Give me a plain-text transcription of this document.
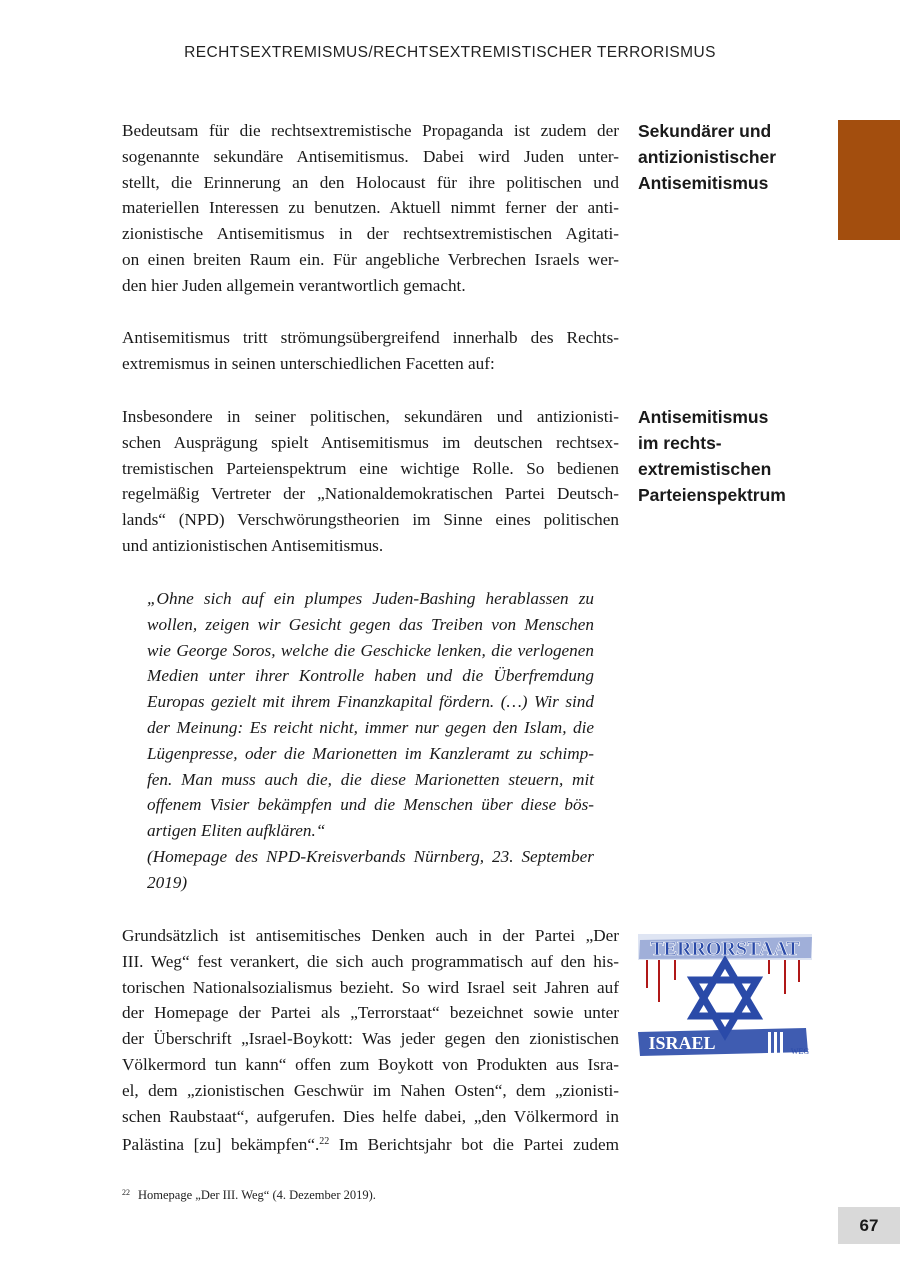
RECHTSEXTREMISMUS/RECHTSEXTREMISTISCHER TERRORISMUS
Sekundärer und
antizionistischer
Antisemitismus
Antisemitismus
im rechts-
extremistischen
Parteienspektrum
Bedeutsam für die rechtsextremistische Propaganda ist zudem der
sogenannte sekundäre Antisemitismus. Dabei wird Juden unter-
stellt, die Erinnerung an den Holocaust für ihre politischen und
materiellen Interessen zu benutzen. Aktuell nimmt ferner der anti-
zionistische Antisemitismus in der rechtsextremistischen Agitati-
on einen breiten Raum ein. Für angebliche Verbrechen Israels wer-
den hier Juden allgemein verantwortlich gemacht.
Antisemitismus tritt strömungsübergreifend innerhalb des Rechts-
extremismus in seinen unterschiedlichen Facetten auf:
Insbesondere in seiner politischen, sekundären und antizionisti-
schen Ausprägung spielt Antisemitismus im deutschen rechtsex-
tremistischen Parteienspektrum eine wichtige Rolle. So bedienen
regelmäßig Vertreter der „Nationaldemokratischen Partei Deutsch-
lands“ (NPD) Verschwörungstheorien im Sinne eines politischen
und antizionistischen Antisemitismus.
„Ohne sich auf ein plumpes Juden-Bashing herablassen zu
wollen, zeigen wir Gesicht gegen das Treiben von Menschen
wie George Soros, welche die Geschicke lenken, die verlogenen
Medien unter ihrer Kontrolle haben und die Überfremdung
Europas gezielt mit ihrem Finanzkapital fördern. (…) Wir sind
der Meinung: Es reicht nicht, immer nur gegen den Islam, die
Lügenpresse, oder die Marionetten im Kanzleramt zu schimp-
fen. Man muss auch die, die diese Marionetten steuern, mit
offenem Visier bekämpfen und die Menschen über diese bös-
artigen Eliten aufklären.“
(Homepage des NPD-Kreisverbands Nürnberg, 23. September
2019)
Grundsätzlich ist antisemitisches Denken auch in der Partei „Der
III. Weg“ fest verankert, die sich auch programmatisch auf den his-
torischen Nationalsozialismus bezieht. So wird Israel seit Jahren auf
der Homepage der Partei als „Terrorstaat“ bezeichnet sowie unter
der Überschrift „Israel-Boykott: Was jeder gegen den zionistischen
Völkermord tun kann“ offen zum Boykott von Produkten aus Isra-
el, dem „zionistischen Geschwür im Nahen Osten“, dem „zionisti-
schen Raubstaat“, aufgerufen. Dies helfe dabei, „den Völkermord in
Palästina [zu] bekämpfen“.$^{22}$ Im Berichtsjahr bot die Partei zudem
TERRORSTAAT
ISRAEL	WEG
$^{22}$ Homepage „Der III. Weg“ (4. Dezember 2019).
67
